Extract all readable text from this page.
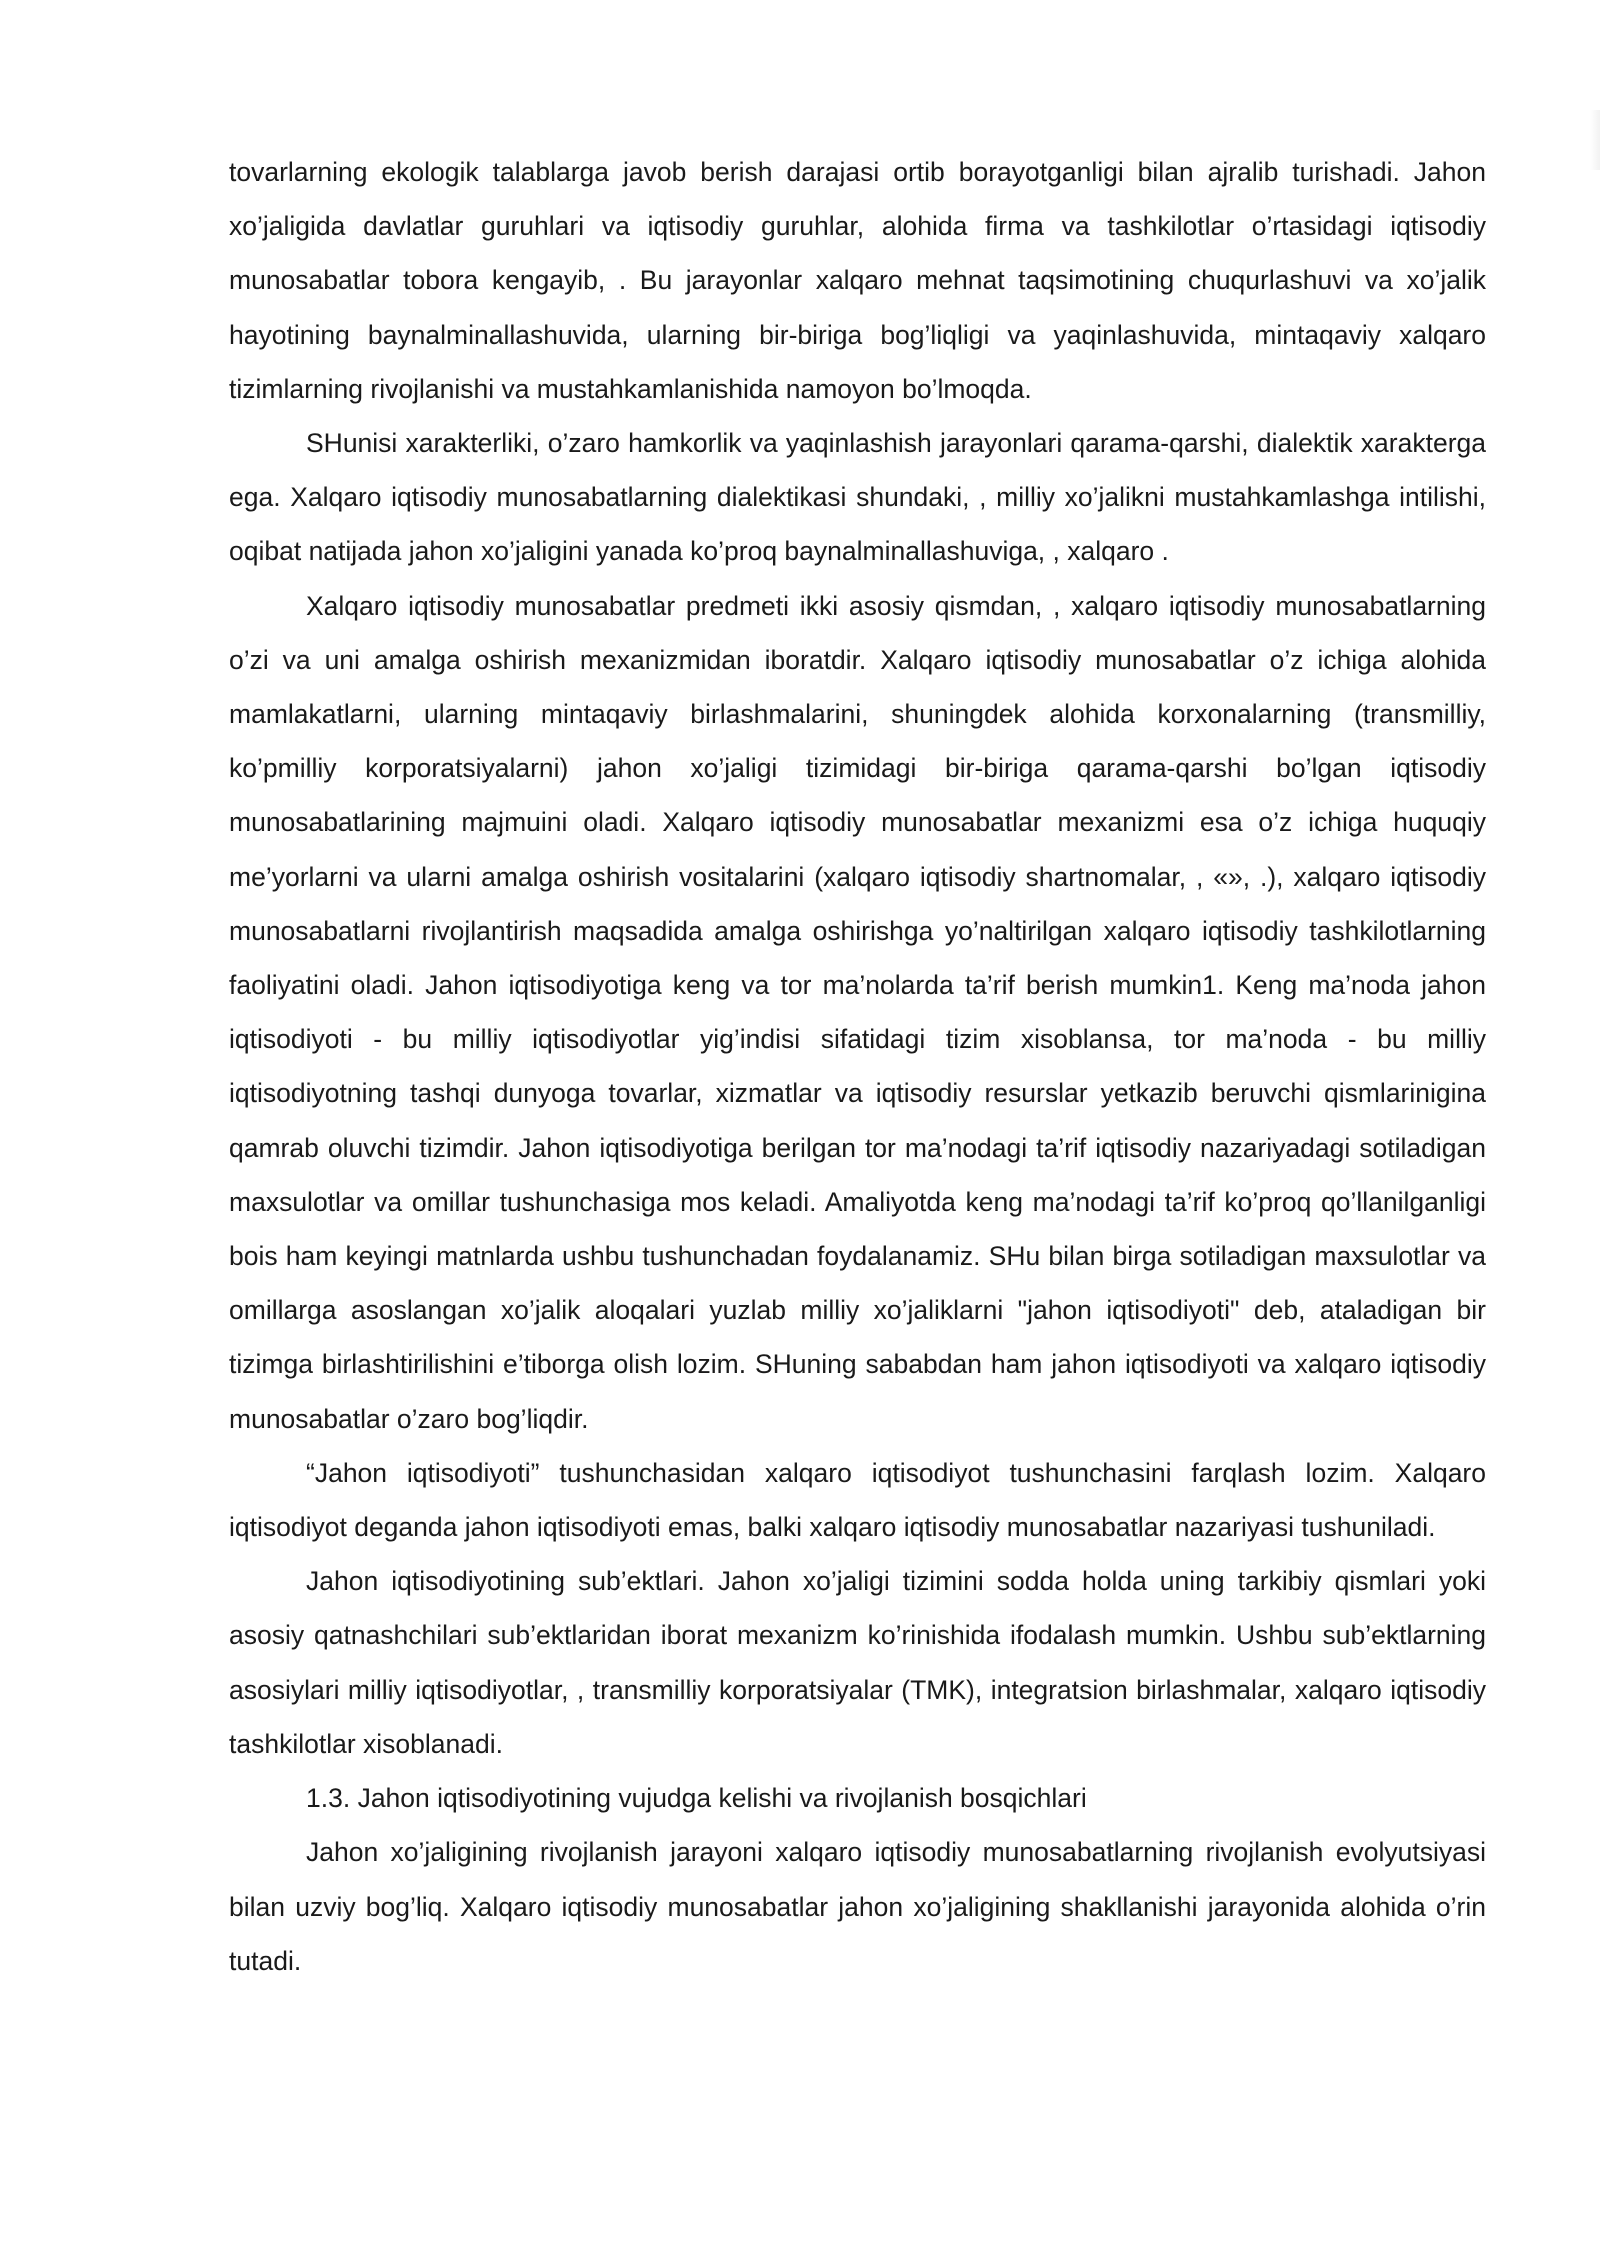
tovarlarning ekologik talablarga javob berish darajasi ortib borayotganligi bilan ajralib turishadi. Jahon xo’jaligida davlatlar guruhlari va iqtisodiy guruhlar, alohida firma va tashkilotlar o’rtasidagi iqtisodiy munosabatlar tobora kengayib, . Bu jarayonlar xalqaro mehnat taqsimotining chuqurlashuvi va xo’jalik hayotining baynalminallashuvida, ularning bir-biriga bog’liqligi va yaqinlashuvida, mintaqaviy xalqaro tizimlarning rivojlanishi va mustahkamlanishida namoyon bo’lmoqda.

SHunisi xarakterliki, o’zaro hamkorlik va yaqinlashish jarayonlari qarama-qarshi, dialektik xarakterga ega. Xalqaro iqtisodiy munosabatlarning dialektikasi shundaki, , milliy xo’jalikni mustahkamlashga intilishi, oqibat natijada jahon xo’jaligini yanada ko’proq baynalminallashuviga, , xalqaro .

Xalqaro iqtisodiy munosabatlar predmeti ikki asosiy qismdan, , xalqaro iqtisodiy munosabatlarning o’zi va uni amalga oshirish mexanizmidan iboratdir. Xalqaro iqtisodiy munosabatlar o’z ichiga alohida mamlakatlarni, ularning mintaqaviy birlashmalarini, shuningdek alohida korxonalarning (transmilliy, ko’pmilliy korporatsiyalarni) jahon xo’jaligi tizimidagi bir-biriga qarama-qarshi bo’lgan iqtisodiy munosabatlarining majmuini oladi. Xalqaro iqtisodiy munosabatlar mexanizmi esa o’z ichiga huquqiy me’yorlarni va ularni amalga oshirish vositalarini (xalqaro iqtisodiy shartnomalar, , «», .), xalqaro iqtisodiy munosabatlarni rivojlantirish maqsadida amalga oshirishga yo’naltirilgan xalqaro iqtisodiy tashkilotlarning faoliyatini oladi. Jahon iqtisodiyotiga keng va tor ma’nolarda ta’rif berish mumkin1. Keng ma’noda jahon iqtisodiyoti - bu milliy iqtisodiyotlar yig’indisi sifatidagi tizim xisoblansa, tor ma’noda - bu milliy iqtisodiyotning tashqi dunyoga tovarlar, xizmatlar va iqtisodiy resurslar yetkazib beruvchi qismlarinigina qamrab oluvchi tizimdir. Jahon iqtisodiyotiga berilgan tor ma’nodagi ta’rif iqtisodiy nazariyadagi sotiladigan maxsulotlar va omillar tushunchasiga mos keladi. Amaliyotda keng ma’nodagi ta’rif ko’proq qo’llanilganligi bois ham keyingi matnlarda ushbu tushunchadan foydalanamiz. SHu bilan birga sotiladigan maxsulotlar va omillarga asoslangan xo’jalik aloqalari yuzlab milliy xo’jaliklarni "jahon iqtisodiyoti" deb, ataladigan bir tizimga birlashtirilishini e’tiborga olish lozim. SHuning sababdan ham jahon iqtisodiyoti va xalqaro iqtisodiy munosabatlar o’zaro bog’liqdir.

“Jahon iqtisodiyoti” tushunchasidan xalqaro iqtisodiyot tushunchasini farqlash lozim. Xalqaro iqtisodiyot deganda jahon iqtisodiyoti emas, balki xalqaro iqtisodiy munosabatlar nazariyasi tushuniladi.

Jahon iqtisodiyotining sub’ektlari. Jahon xo’jaligi tizimini sodda holda uning tarkibiy qismlari yoki asosiy qatnashchilari sub’ektlaridan iborat mexanizm ko’rinishida ifodalash mumkin. Ushbu sub’ektlarning asosiylari milliy iqtisodiyotlar, , transmilliy korporatsiyalar (TMK), integratsion birlashmalar, xalqaro iqtisodiy tashkilotlar xisoblanadi.

1.3. Jahon iqtisodiyotining vujudga kelishi va rivojlanish bosqichlari

Jahon xo’jaligining rivojlanish jarayoni xalqaro iqtisodiy munosabatlarning rivojlanish evolyutsiyasi bilan uzviy bog’liq. Xalqaro iqtisodiy munosabatlar jahon xo’jaligining shakllanishi jarayonida alohida o’rin tutadi.
